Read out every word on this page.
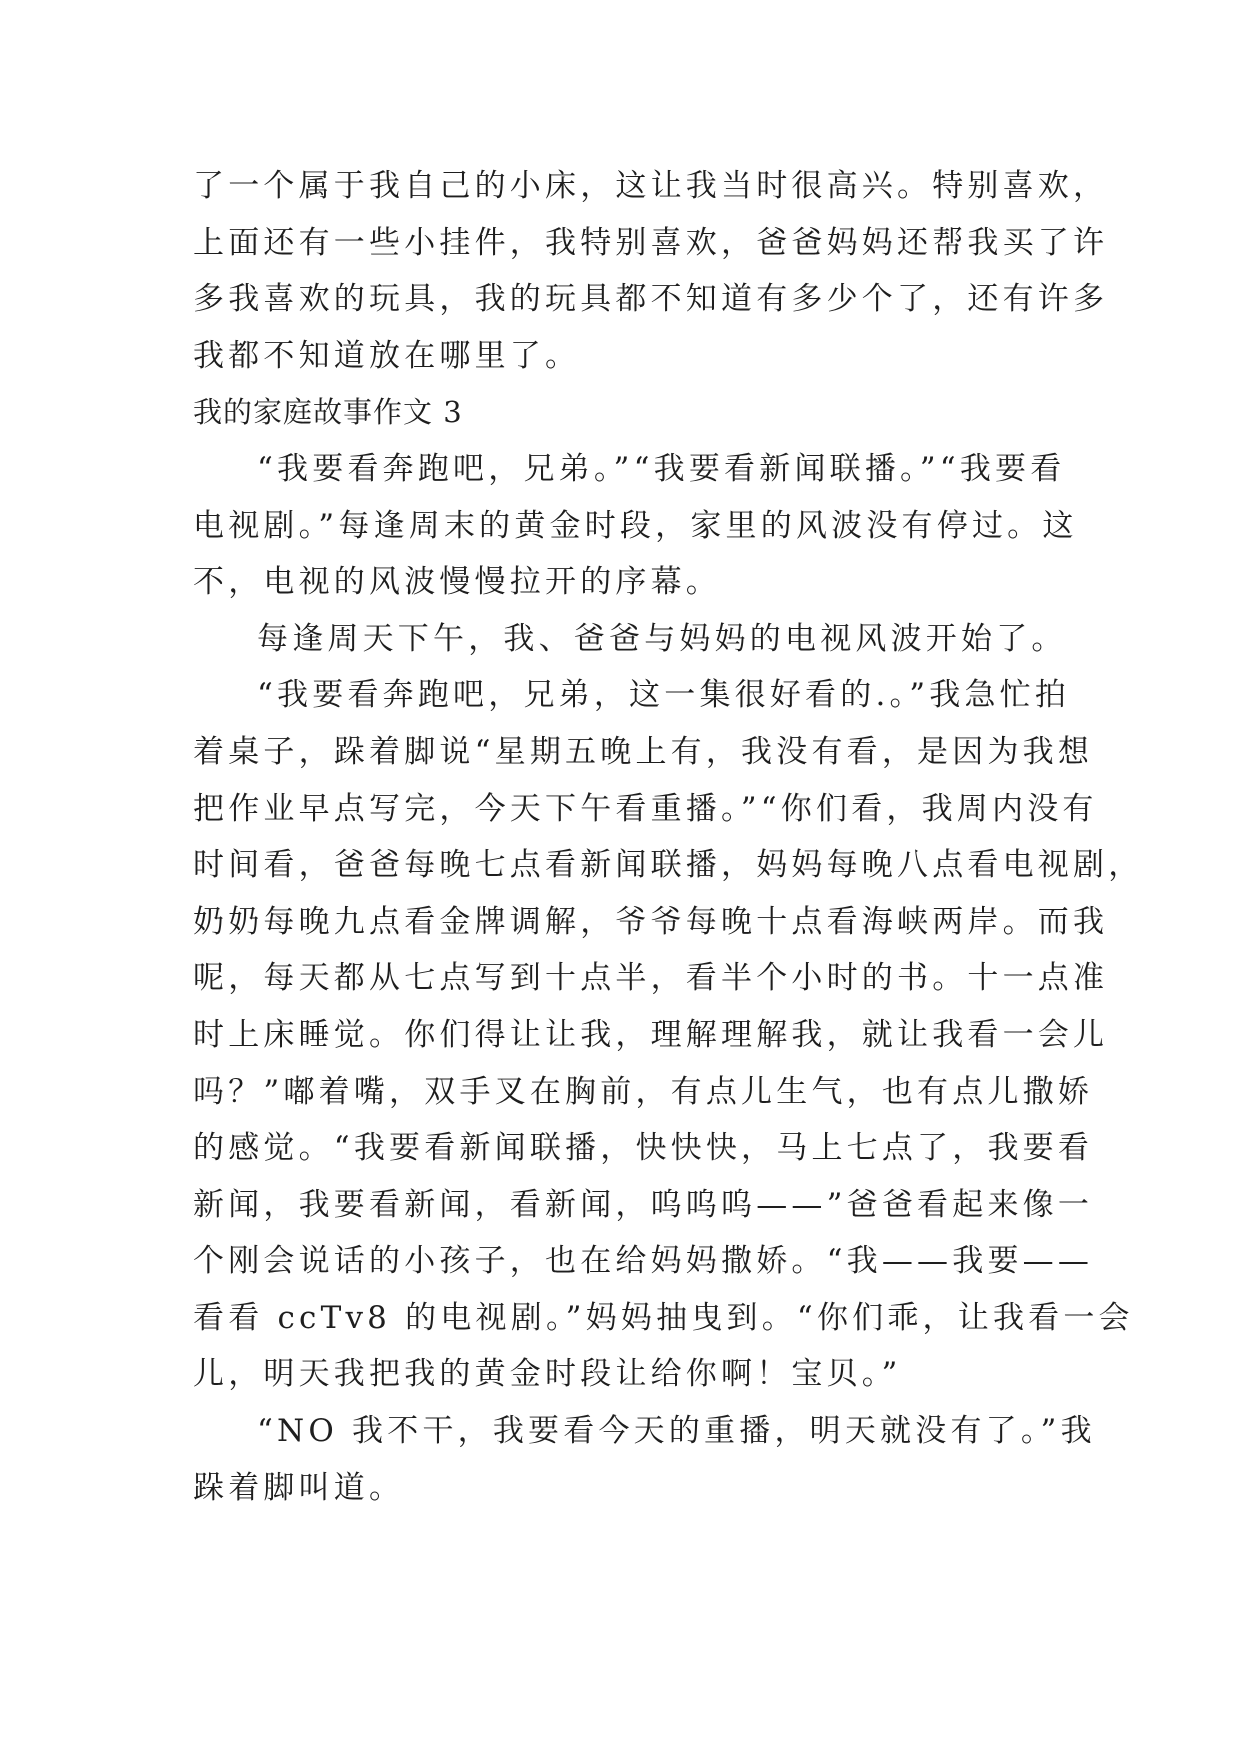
了一个属于我自己的小床，这让我当时很高兴。特别喜欢，
上面还有一些小挂件，我特别喜欢，爸爸妈妈还帮我买了许
多我喜欢的玩具，我的玩具都不知道有多少个了，还有许多
我都不知道放在哪里了。
我的家庭故事作文 3
“我要看奔跑吧，兄弟。”“我要看新闻联播。”“我要看
电视剧。”每逢周末的黄金时段，家里的风波没有停过。这
不，电视的风波慢慢拉开的序幕。
每逢周天下午，我、爸爸与妈妈的电视风波开始了。
“我要看奔跑吧，兄弟，这一集很好看的.。”我急忙拍
着桌子，跺着脚说“星期五晚上有，我没有看，是因为我想
把作业早点写完，今天下午看重播。”“你们看，我周内没有
时间看，爸爸每晚七点看新闻联播，妈妈每晚八点看电视剧，
奶奶每晚九点看金牌调解，爷爷每晚十点看海峡两岸。而我
呢，每天都从七点写到十点半，看半个小时的书。十一点准
时上床睡觉。你们得让让我，理解理解我，就让我看一会儿
吗？”嘟着嘴，双手叉在胸前，有点儿生气，也有点儿撒娇
的感觉。“我要看新闻联播，快快快，马上七点了，我要看
新闻，我要看新闻，看新闻，呜呜呜——”爸爸看起来像一
个刚会说话的小孩子，也在给妈妈撒娇。“我——我要——
看看 ccTv8 的电视剧。”妈妈抽曳到。“你们乖，让我看一会
儿，明天我把我的黄金时段让给你啊！宝贝。”
“NO 我不干，我要看今天的重播，明天就没有了。”我
跺着脚叫道。
